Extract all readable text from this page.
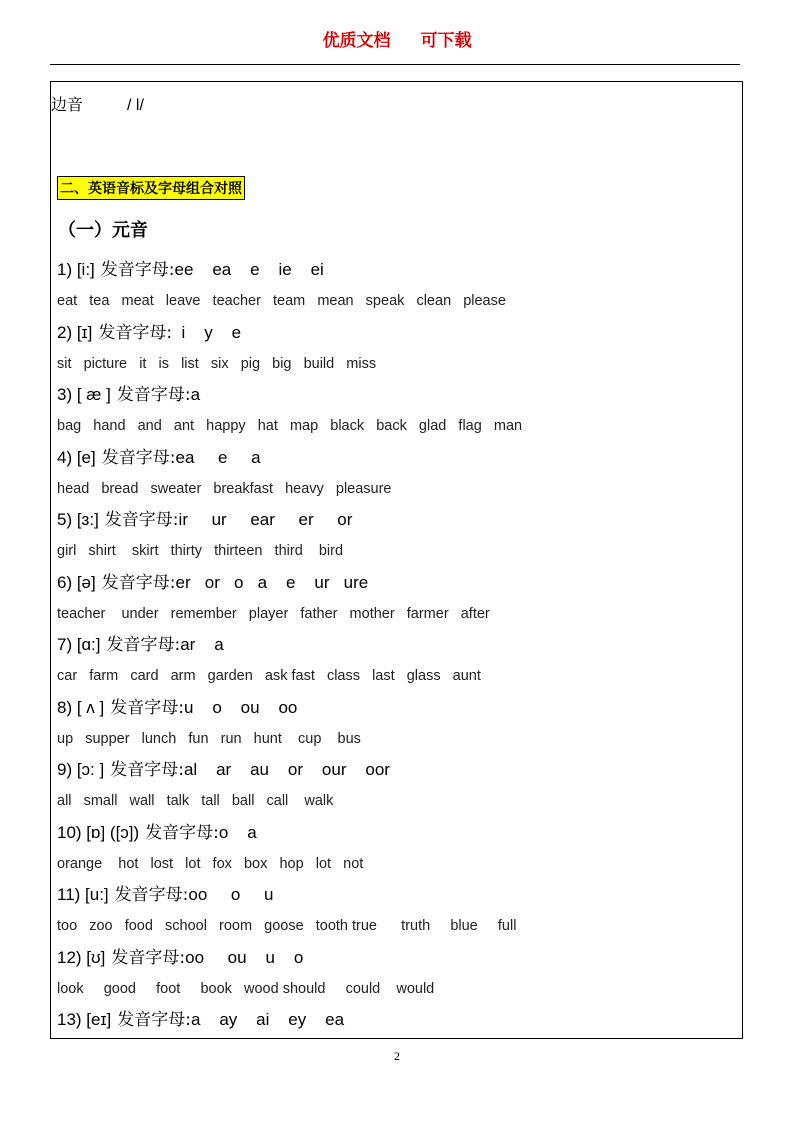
优质文档 可下载
边音	/ l/
二、英语音标及字母组合对照
（一）元音
1) [i:] 发音字母:ee    ea    e    ie    ei
eat   tea   meat   leave   teacher   team   mean   speak   clean   please
2) [ɪ] 发音字母:  i    y    e
sit   picture   it   is   list   six   pig   big   build   miss
3) [ æ ] 发音字母:a
bag   hand   and   ant   happy   hat   map   black   back   glad   flag   man
4) [e] 发音字母:ea     e     a
head   bread   sweater   breakfast   heavy   pleasure
5) [ɜ:] 发音字母:ir     ur     ear     er     or
girl   shirt    skirt   thirty   thirteen   third    bird
6) [ə] 发音字母:er   or   o   a    e    ur   ure
teacher    under   remember   player   father   mother   farmer   after
7) [ɑ:] 发音字母:ar    a
car   farm   card   arm   garden   ask fast   class   last   glass   aunt
8) [ ʌ ] 发音字母:u    o    ou    oo
up   supper   lunch   fun   run   hunt    cup    bus
9) [ɔ: ] 发音字母:al    ar    au    or    our    oor
all   small   wall   talk   tall   ball   call    walk
10) [ɒ] ([ɔ]) 发音字母:o    a
orange    hot   lost   lot   fox   box   hop   lot   not
11) [u:] 发音字母:oo     o     u
too   zoo   food   school   room   goose   tooth true      truth     blue     full
12) [ʊ] 发音字母:oo     ou    u    o
look     good     foot     book   wood should     could    would
13) [eɪ] 发音字母:a    ay    ai    ey    ea
2
